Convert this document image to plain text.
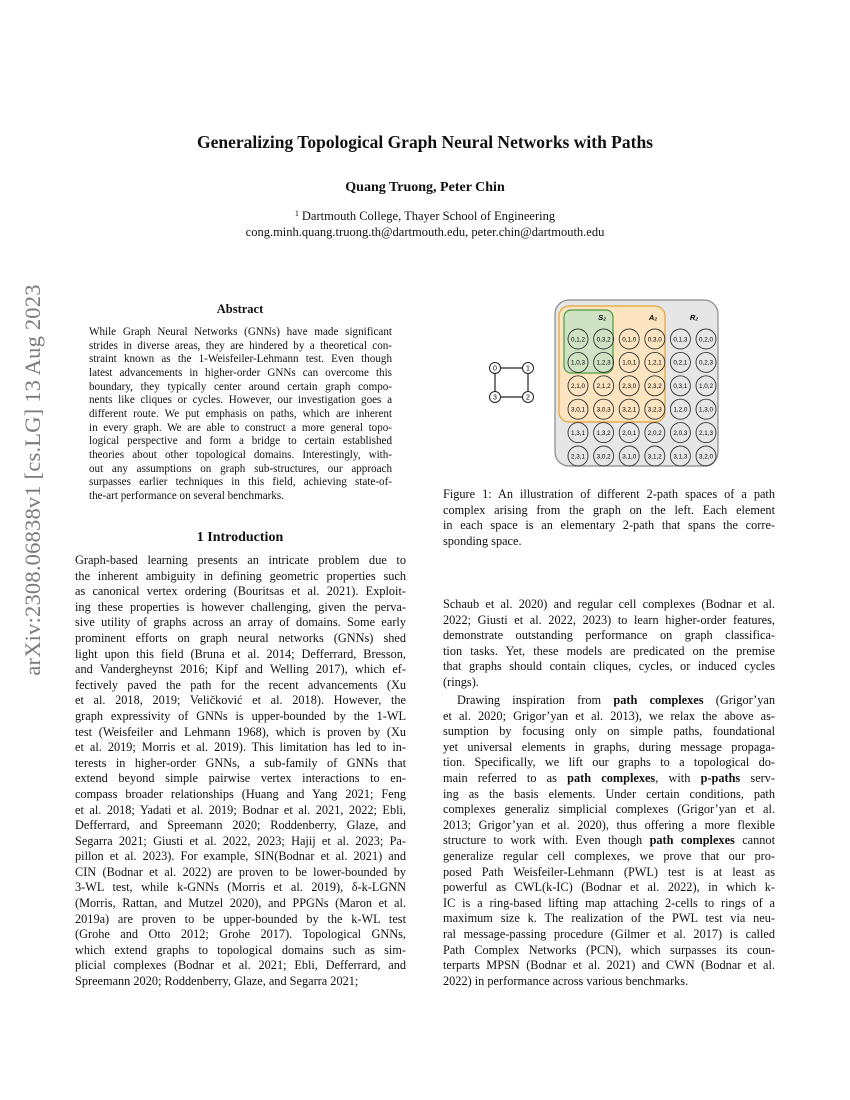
arXiv:2308.06838v1 [cs.LG] 13 Aug 2023
Generalizing Topological Graph Neural Networks with Paths
Quang Truong, Peter Chin
$^1$ Dartmouth College, Thayer School of Engineering
cong.minh.quang.truong.th@dartmouth.edu, peter.chin@dartmouth.edu
Abstract
While Graph Neural Networks (GNNs) have made significant
strides in diverse areas, they are hindered by a theoretical con-
straint known as the 1-Weisfeiler-Lehmann test. Even though
latest advancements in higher-order GNNs can overcome this
boundary, they typically center around certain graph compo-
nents like cliques or cycles. However, our investigation goes a
different route. We put emphasis on paths, which are inherent
in every graph. We are able to construct a more general topo-
logical perspective and form a bridge to certain established
theories about other topological domains. Interestingly, with-
out any assumptions on graph sub-structures, our approach
surpasses earlier techniques in this field, achieving state-of-
the-art performance on several benchmarks.
1 Introduction
Graph-based learning presents an intricate problem due to
the inherent ambiguity in defining geometric properties such
as canonical vertex ordering (Bouritsas et al. 2021). Exploit-
ing these properties is however challenging, given the perva-
sive utility of graphs across an array of domains. Some early
prominent efforts on graph neural networks (GNNs) shed
light upon this field (Bruna et al. 2014; Defferrard, Bresson,
and Vandergheynst 2016; Kipf and Welling 2017), which ef-
fectively paved the path for the recent advancements (Xu
et al. 2018, 2019; Veličković et al. 2018). However, the
graph expressivity of GNNs is upper-bounded by the 1-WL
test (Weisfeiler and Lehmann 1968), which is proven by (Xu
et al. 2019; Morris et al. 2019). This limitation has led to in-
terests in higher-order GNNs, a sub-family of GNNs that
extend beyond simple pairwise vertex interactions to en-
compass broader relationships (Huang and Yang 2021; Feng
et al. 2018; Yadati et al. 2019; Bodnar et al. 2021, 2022; Ebli,
Defferrard, and Spreemann 2020; Roddenberry, Glaze, and
Segarra 2021; Giusti et al. 2022, 2023; Hajij et al. 2023; Pa-
pillon et al. 2023). For example, SIN(Bodnar et al. 2021) and
CIN (Bodnar et al. 2022) are proven to be lower-bounded by
3-WL test, while k-GNNs (Morris et al. 2019), δ-k-LGNN
(Morris, Rattan, and Mutzel 2020), and PPGNs (Maron et al.
2019a) are proven to be upper-bounded by the k-WL test
(Grohe and Otto 2012; Grohe 2017). Topological GNNs,
which extend graphs to topological domains such as sim-
plicial complexes (Bodnar et al. 2021; Ebli, Defferrard, and
Spreemann 2020; Roddenberry, Glaze, and Segarra 2021;
0	1
2
3
S₂	A₂	R₂
0,1,2 0,3,2 0,1,0 0,3,0 0,1,3 0,2,0
1,0,3 1,2,3 1,0,1 1,2,1 0,2,1 0,2,3
2,1,0 2,1,2 2,3,0 2,3,2 0,3,1 1,0,2
3,0,1 3,0,3 3,2,1 3,2,3 1,2,0 1,3,0
1,3,1 1,3,2 2,0,1 2,0,2 2,0,3 2,1,3
2,3,1 3,0,2 3,1,0 3,1,2 3,1,3 3,2,0
Figure 1: An illustration of different 2-path spaces of a path
complex arising from the graph on the left. Each element
in each space is an elementary 2-path that spans the corre-
sponding space.
Schaub et al. 2020) and regular cell complexes (Bodnar et al.
2022; Giusti et al. 2022, 2023) to learn higher-order features,
demonstrate outstanding performance on graph classifica-
tion tasks. Yet, these models are predicated on the premise
that graphs should contain cliques, cycles, or induced cycles
(rings).
Drawing inspiration from path complexes (Grigor’yan
et al. 2020; Grigor’yan et al. 2013), we relax the above as-
sumption by focusing only on simple paths, foundational
yet universal elements in graphs, during message propaga-
tion. Specifically, we lift our graphs to a topological do-
main referred to as path complexes, with p-paths serv-
ing as the basis elements. Under certain conditions, path
complexes generaliz simplicial complexes (Grigor’yan et al.
2013; Grigor’yan et al. 2020), thus offering a more flexible
structure to work with. Even though path complexes cannot
generalize regular cell complexes, we prove that our pro-
posed Path Weisfeiler-Lehmann (PWL) test is at least as
powerful as CWL(k-IC) (Bodnar et al. 2022), in which k-
IC is a ring-based lifting map attaching 2-cells to rings of a
maximum size k. The realization of the PWL test via neu-
ral message-passing procedure (Gilmer et al. 2017) is called
Path Complex Networks (PCN), which surpasses its coun-
terparts MPSN (Bodnar et al. 2021) and CWN (Bodnar et al.
2022) in performance across various benchmarks.
